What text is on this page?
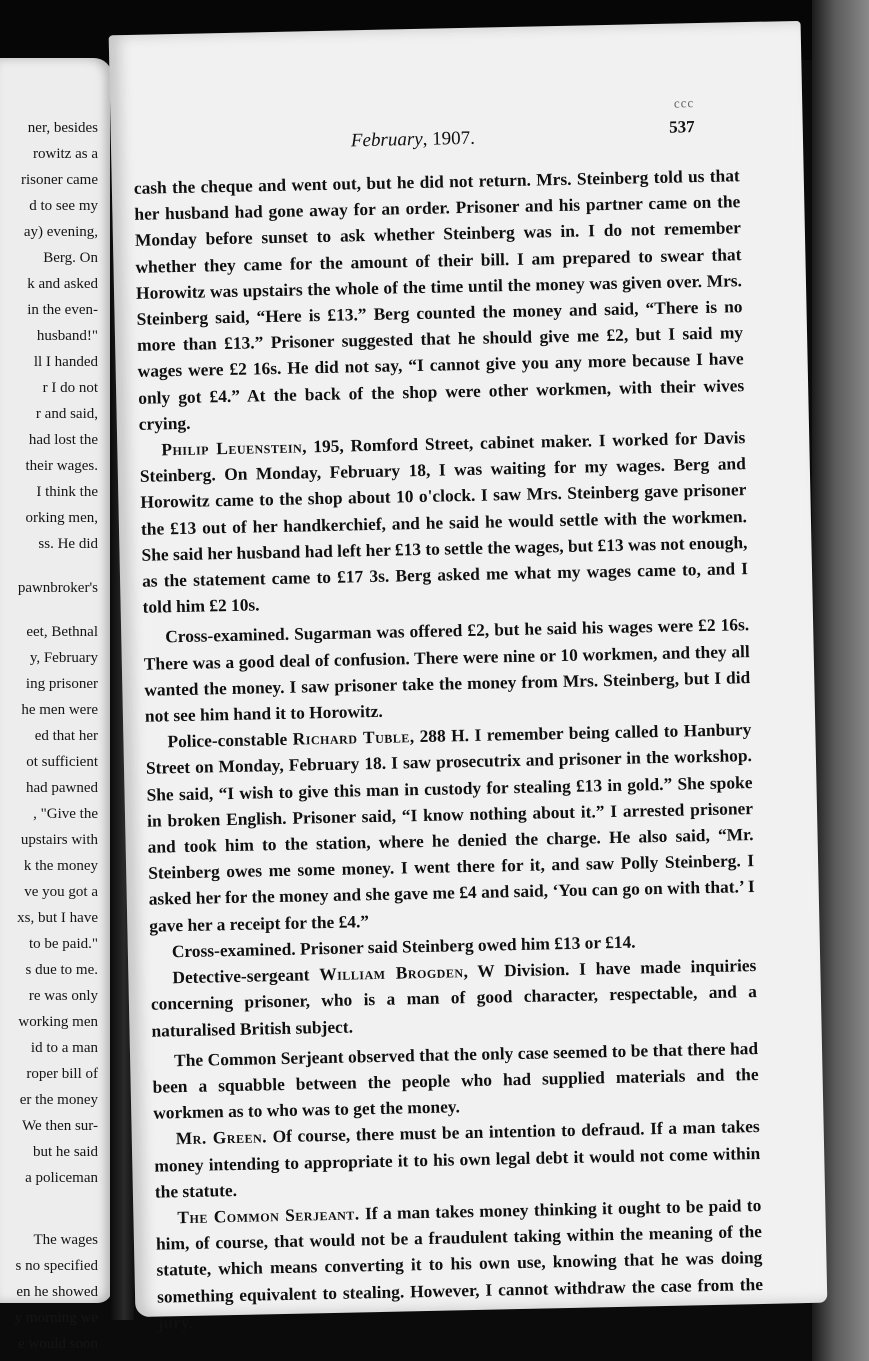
ner, besides
rowitz as a
risoner came
d to see my
ay) evening,
Berg. On
k and asked
in the even-
husband!"
ll I handed
r I do not
r and said,
had lost the
their wages.
I think the
orking men,
ss. He did
pawnbroker's
eet, Bethnal
y, February
ing prisoner
he men were
ed that her
ot sufficient
had pawned
, "Give the
upstairs with
k the money
ve you got a
xs, but I have
to be paid."
s due to me.
re was only
working men
id to a man
roper bill of
er the money
We then sur-
but he said
a policeman
The wages
s no specified
en he showed
y morning we
e would soon
ccc
February, 1907.
537

cash the cheque and went out, but he did not return. Mrs. Steinberg told us that her husband had gone away for an order. Prisoner and his partner came on the Monday before sunset to ask whether Steinberg was in. I do not remember whether they came for the amount of their bill. I am prepared to swear that Horowitz was upstairs the whole of the time until the money was given over. Mrs. Steinberg said, “Here is £13.” Berg counted the money and said, “There is no more than £13.” Prisoner suggested that he should give me £2, but I said my wages were £2 16s. He did not say, “I cannot give you any more because I have only got £4.” At the back of the shop were other workmen, with their wives crying.

Philip Leuenstein, 195, Romford Street, cabinet maker. I worked for Davis Steinberg. On Monday, February 18, I was waiting for my wages. Berg and Horowitz came to the shop about 10 o'clock. I saw Mrs. Steinberg gave prisoner the £13 out of her handkerchief, and he said he would settle with the workmen. She said her husband had left her £13 to settle the wages, but £13 was not enough, as the statement came to £17 3s. Berg asked me what my wages came to, and I told him £2 10s.

Cross-examined. Sugarman was offered £2, but he said his wages were £2 16s. There was a good deal of confusion. There were nine or 10 workmen, and they all wanted the money. I saw prisoner take the money from Mrs. Steinberg, but I did not see him hand it to Horowitz.

Police-constable Richard Tuble, 288 H. I remember being called to Hanbury Street on Monday, February 18. I saw prosecutrix and prisoner in the workshop. She said, “I wish to give this man in custody for stealing £13 in gold.” She spoke in broken English. Prisoner said, “I know nothing about it.” I arrested prisoner and took him to the station, where he denied the charge. He also said, “Mr. Steinberg owes me some money. I went there for it, and saw Polly Steinberg. I asked her for the money and she gave me £4 and said, ‘You can go on with that.’ I gave her a receipt for the £4.”

Cross-examined. Prisoner said Steinberg owed him £13 or £14.

Detective-sergeant William Brogden, W Division. I have made inquiries concerning prisoner, who is a man of good character, respectable, and a naturalised British subject.

The Common Serjeant observed that the only case seemed to be that there had been a squabble between the people who had supplied materials and the workmen as to who was to get the money.

Mr. Green. Of course, there must be an intention to defraud. If a man takes money intending to appropriate it to his own legal debt it would not come within the statute.

The Common Serjeant. If a man takes money thinking it ought to be paid to him, of course, that would not be a fraudulent taking within the meaning of the statute, which means converting it to his own use, knowing that he was doing something equivalent to stealing. However, I cannot withdraw the case from the jury.
